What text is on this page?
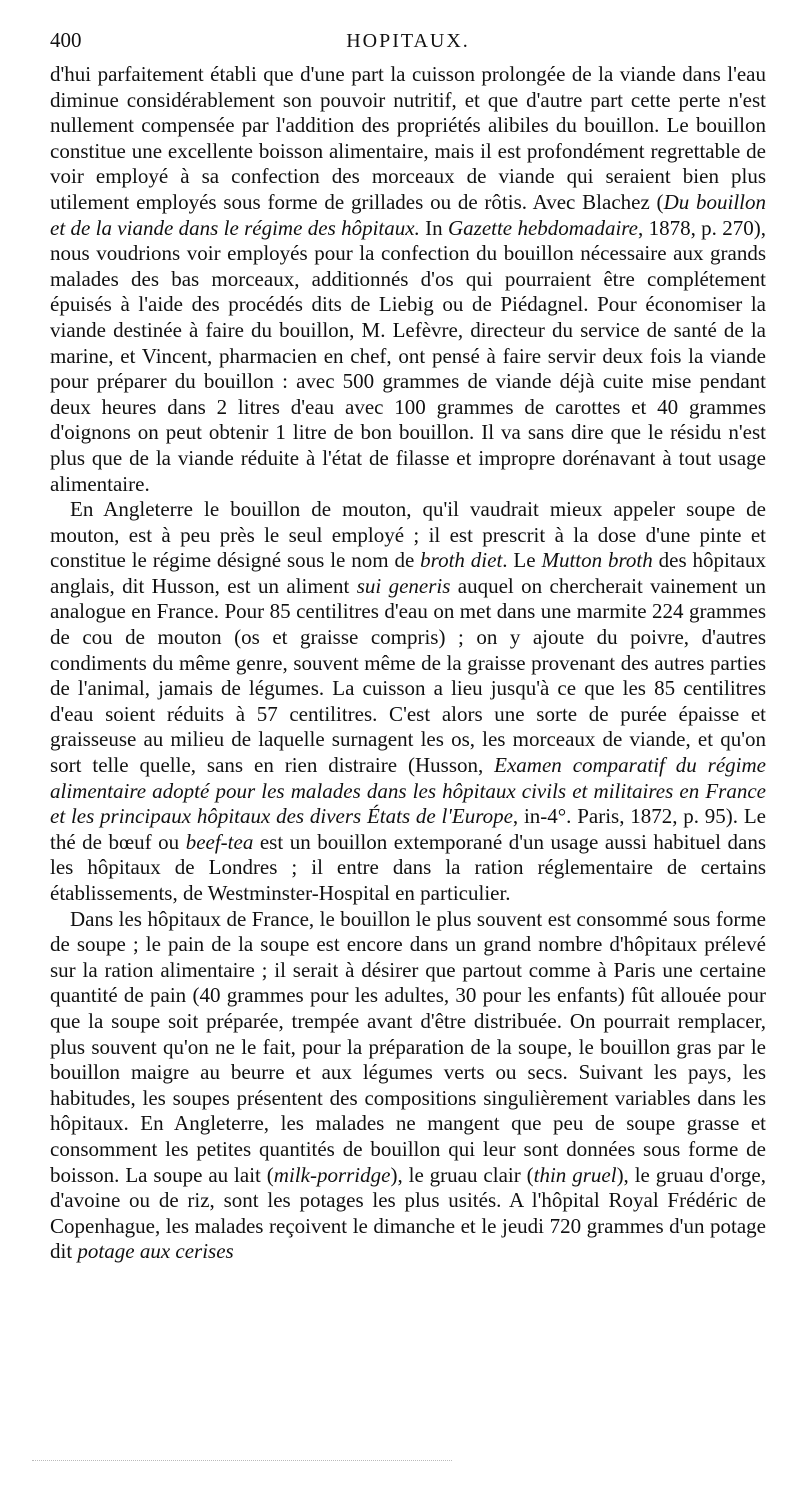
400	HOPITAUX.

d'hui parfaitement établi que d'une part la cuisson prolongée de la viande dans l'eau diminue considérablement son pouvoir nutritif, et que d'autre part cette perte n'est nullement compensée par l'addition des propriétés alibiles du bouillon. Le bouillon constitue une excellente boisson alimentaire, mais il est profondément regrettable de voir employé à sa confection des morceaux de viande qui seraient bien plus utilement employés sous forme de grillades ou de rôtis. Avec Blachez (Du bouillon et de la viande dans le régime des hôpitaux. In Gazette hebdomadaire, 1878, p. 270), nous voudrions voir employés pour la confection du bouillon nécessaire aux grands malades des bas morceaux, additionnés d'os qui pourraient être complétement épuisés à l'aide des procédés dits de Liebig ou de Piédagnel. Pour économiser la viande destinée à faire du bouillon, M. Lefèvre, directeur du service de santé de la marine, et Vincent, pharmacien en chef, ont pensé à faire servir deux fois la viande pour préparer du bouillon : avec 500 grammes de viande déjà cuite mise pendant deux heures dans 2 litres d'eau avec 100 grammes de carottes et 40 grammes d'oignons on peut obtenir 1 litre de bon bouillon. Il va sans dire que le résidu n'est plus que de la viande réduite à l'état de filasse et impropre dorénavant à tout usage alimentaire.

En Angleterre le bouillon de mouton, qu'il vaudrait mieux appeler soupe de mouton, est à peu près le seul employé ; il est prescrit à la dose d'une pinte et constitue le régime désigné sous le nom de broth diet. Le Mutton broth des hôpitaux anglais, dit Husson, est un aliment sui generis auquel on chercherait vainement un analogue en France. Pour 85 centilitres d'eau on met dans une marmite 224 grammes de cou de mouton (os et graisse compris) ; on y ajoute du poivre, d'autres condiments du même genre, souvent même de la graisse provenant des autres parties de l'animal, jamais de légumes. La cuisson a lieu jusqu'à ce que les 85 centilitres d'eau soient réduits à 57 centilitres. C'est alors une sorte de purée épaisse et graisseuse au milieu de laquelle surnagent les os, les morceaux de viande, et qu'on sort telle quelle, sans en rien distraire (Husson, Examen comparatif du régime alimentaire adopté pour les malades dans les hôpitaux civils et militaires en France et les principaux hôpitaux des divers États de l'Europe, in-4°. Paris, 1872, p. 95). Le thé de bœuf ou beef-tea est un bouillon extemporané d'un usage aussi habituel dans les hôpitaux de Londres ; il entre dans la ration réglementaire de certains établissements, de Westminster-Hospital en particulier.

Dans les hôpitaux de France, le bouillon le plus souvent est consommé sous forme de soupe ; le pain de la soupe est encore dans un grand nombre d'hôpitaux prélevé sur la ration alimentaire ; il serait à désirer que partout comme à Paris une certaine quantité de pain (40 grammes pour les adultes, 30 pour les enfants) fût allouée pour que la soupe soit préparée, trempée avant d'être distribuée. On pourrait remplacer, plus souvent qu'on ne le fait, pour la préparation de la soupe, le bouillon gras par le bouillon maigre au beurre et aux légumes verts ou secs. Suivant les pays, les habitudes, les soupes présentent des compositions singulièrement variables dans les hôpitaux. En Angleterre, les malades ne mangent que peu de soupe grasse et consomment les petites quantités de bouillon qui leur sont données sous forme de boisson. La soupe au lait (milk-porridge), le gruau clair (thin gruel), le gruau d'orge, d'avoine ou de riz, sont les potages les plus usités. A l'hôpital Royal Frédéric de Copenhague, les malades reçoivent le dimanche et le jeudi 720 grammes d'un potage dit potage aux cerises
